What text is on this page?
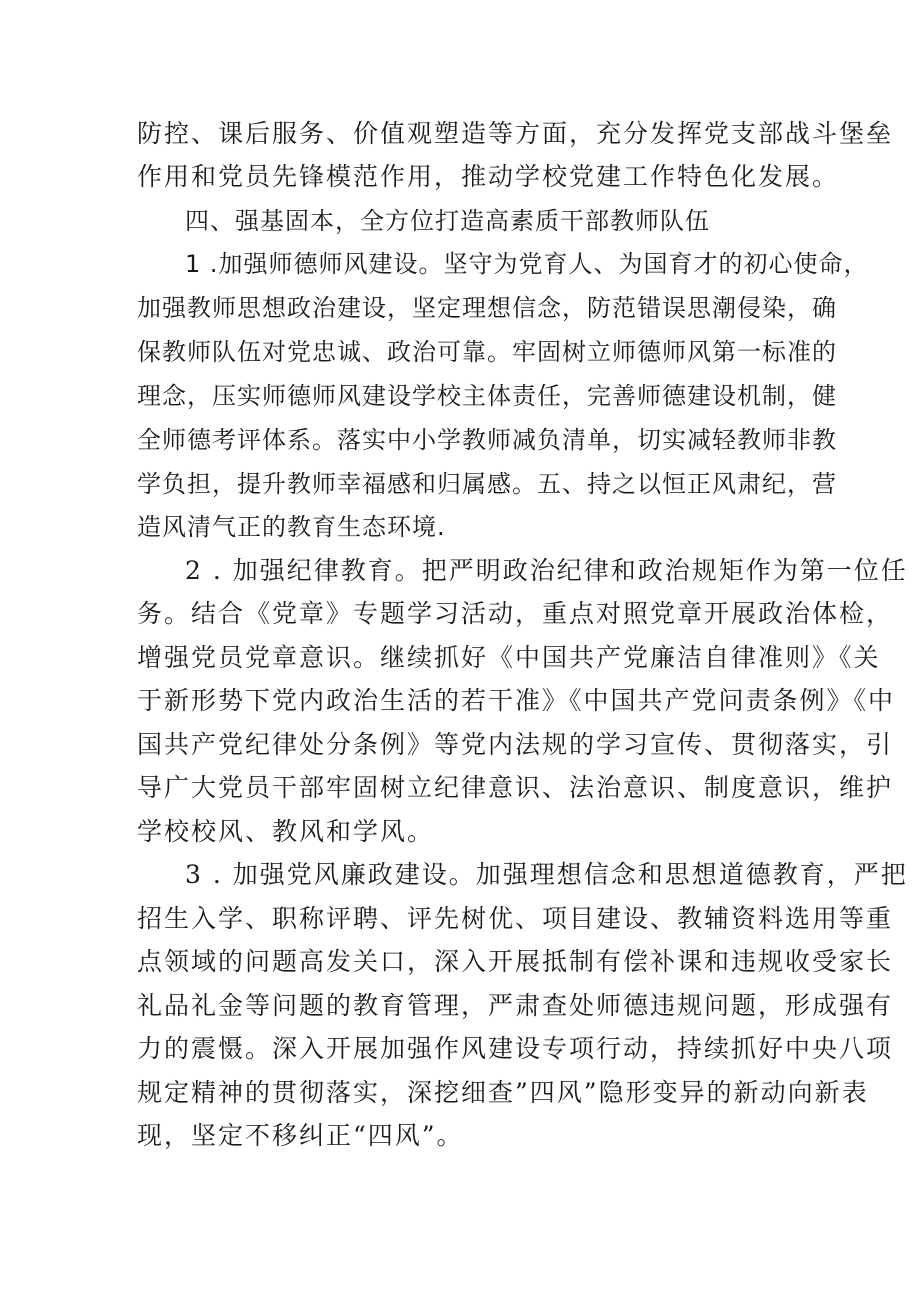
防控、课后服务、价值观塑造等方面，充分发挥党支部战斗堡垒
作用和党员先锋模范作用，推动学校党建工作特色化发展。
四、强基固本，全方位打造高素质干部教师队伍
1 .加强师德师风建设。坚守为党育人、为国育才的初心使命，
加强教师思想政治建设，坚定理想信念，防范错误思潮侵染，确
保教师队伍对党忠诚、政治可靠。牢固树立师德师风第一标准的
理念，压实师德师风建设学校主体责任，完善师德建设机制，健
全师德考评体系。落实中小学教师减负清单，切实减轻教师非教
学负担，提升教师幸福感和归属感。五、持之以恒正风肃纪，营
造风清气正的教育生态环境.
2 . 加强纪律教育。把严明政治纪律和政治规矩作为第一位任
务。结合《党章》专题学习活动，重点对照党章开展政治体检，
增强党员党章意识。继续抓好《中国共产党廉洁自律准则》《关
于新形势下党内政治生活的若干准》《中国共产党问责条例》《中
国共产党纪律处分条例》等党内法规的学习宣传、贯彻落实，引
导广大党员干部牢固树立纪律意识、法治意识、制度意识，维护
学校校风、教风和学风。
3 . 加强党风廉政建设。加强理想信念和思想道德教育，严把
招生入学、职称评聘、评先树优、项目建设、教辅资料选用等重
点领域的问题高发关口，深入开展抵制有偿补课和违规收受家长
礼品礼金等问题的教育管理，严肃查处师德违规问题，形成强有
力的震慑。深入开展加强作风建设专项行动，持续抓好中央八项
规定精神的贯彻落实，深挖细查”四风”隐形变异的新动向新表
现，坚定不移纠正“四风”。
